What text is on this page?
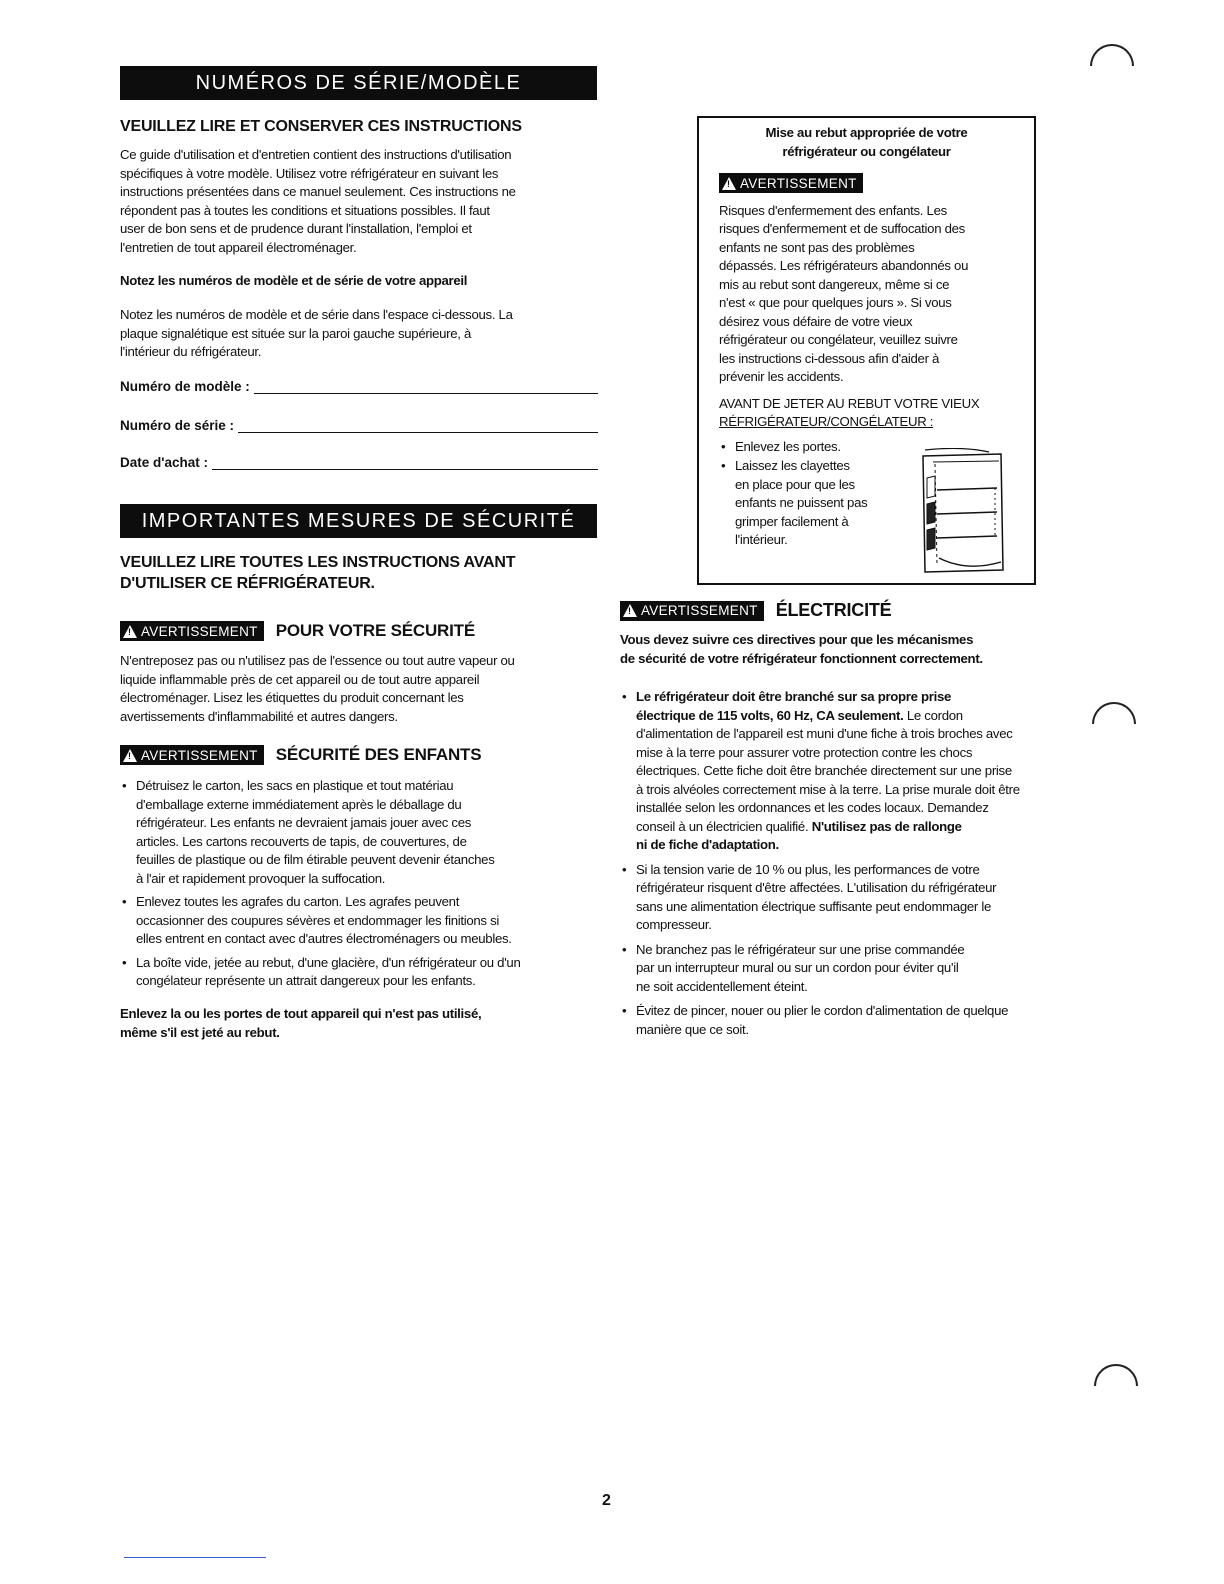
NUMÉROS DE SÉRIE/MODÈLE
VEUILLEZ LIRE ET CONSERVER CES INSTRUCTIONS
Ce guide d'utilisation et d'entretien contient des instructions d'utilisation
spécifiques à votre modèle. Utilisez votre réfrigérateur en suivant les
instructions présentées dans ce manuel seulement. Ces instructions ne
répondent pas à toutes les conditions et situations possibles. Il faut
user de bon sens et de prudence durant l'installation, l'emploi et
l'entretien de tout appareil électroménager.
Notez les numéros de modèle et de série de votre appareil
Notez les numéros de modèle et de série dans l'espace ci-dessous. La
plaque signalétique est située sur la paroi gauche supérieure, à
l'intérieur du réfrigérateur.
Numéro de modèle :
Numéro de série :
Date d'achat :
IMPORTANTES MESURES DE SÉCURITÉ
VEUILLEZ LIRE TOUTES LES INSTRUCTIONS AVANT
D'UTILISER CE RÉFRIGÉRATEUR.
! AVERTISSEMENT POUR VOTRE SÉCURITÉ
N'entreposez pas ou n'utilisez pas de l'essence ou tout autre vapeur ou
liquide inflammable près de cet appareil ou de tout autre appareil
électroménager. Lisez les étiquettes du produit concernant les
avertissements d'inflammabilité et autres dangers.
! AVERTISSEMENT SÉCURITÉ DES ENFANTS
• Détruisez le carton, les sacs en plastique et tout matériau
d'emballage externe immédiatement après le déballage du
réfrigérateur. Les enfants ne devraient jamais jouer avec ces
articles. Les cartons recouverts de tapis, de couvertures, de
feuilles de plastique ou de film étirable peuvent devenir étanches
à l'air et rapidement provoquer la suffocation.
• Enlevez toutes les agrafes du carton. Les agrafes peuvent
occasionner des coupures sévères et endommager les finitions si
elles entrent en contact avec d'autres électroménagers ou meubles.
• La boîte vide, jetée au rebut, d'une glacière, d'un réfrigérateur ou d'un
congélateur représente un attrait dangereux pour les enfants.
Enlevez la ou les portes de tout appareil qui n'est pas utilisé,
même s'il est jeté au rebut.
Mise au rebut appropriée de votre
réfrigérateur ou congélateur
! AVERTISSEMENT
Risques d'enfermement des enfants. Les
risques d'enfermement et de suffocation des
enfants ne sont pas des problèmes
dépassés. Les réfrigérateurs abandonnés ou
mis au rebut sont dangereux, même si ce
n'est « que pour quelques jours ». Si vous
désirez vous défaire de votre vieux
réfrigérateur ou congélateur, veuillez suivre
les instructions ci-dessous afin d'aider à
prévenir les accidents.
AVANT DE JETER AU REBUT VOTRE VIEUX
RÉFRIGÉRATEUR/CONGÉLATEUR :
• Enlevez les portes.
• Laissez les clayettes
en place pour que les
enfants ne puissent pas
grimper facilement à
l'intérieur.
! AVERTISSEMENT ÉLECTRICITÉ
Vous devez suivre ces directives pour que les mécanismes
de sécurité de votre réfrigérateur fonctionnent correctement.
• Le réfrigérateur doit être branché sur sa propre prise
électrique de 115 volts, 60 Hz, CA seulement. Le cordon
d'alimentation de l'appareil est muni d'une fiche à trois broches avec
mise à la terre pour assurer votre protection contre les chocs
électriques. Cette fiche doit être branchée directement sur une prise
à trois alvéoles correctement mise à la terre. La prise murale doit être
installée selon les ordonnances et les codes locaux. Demandez
conseil à un électricien qualifié. N'utilisez pas de rallonge
ni de fiche d'adaptation.
• Si la tension varie de 10 % ou plus, les performances de votre
réfrigérateur risquent d'être affectées. L'utilisation du réfrigérateur
sans une alimentation électrique suffisante peut endommager le
compresseur.
• Ne branchez pas le réfrigérateur sur une prise commandée
par un interrupteur mural ou sur un cordon pour éviter qu'il
ne soit accidentellement éteint.
• Évitez de pincer, nouer ou plier le cordon d'alimentation de quelque
manière que ce soit.
2
